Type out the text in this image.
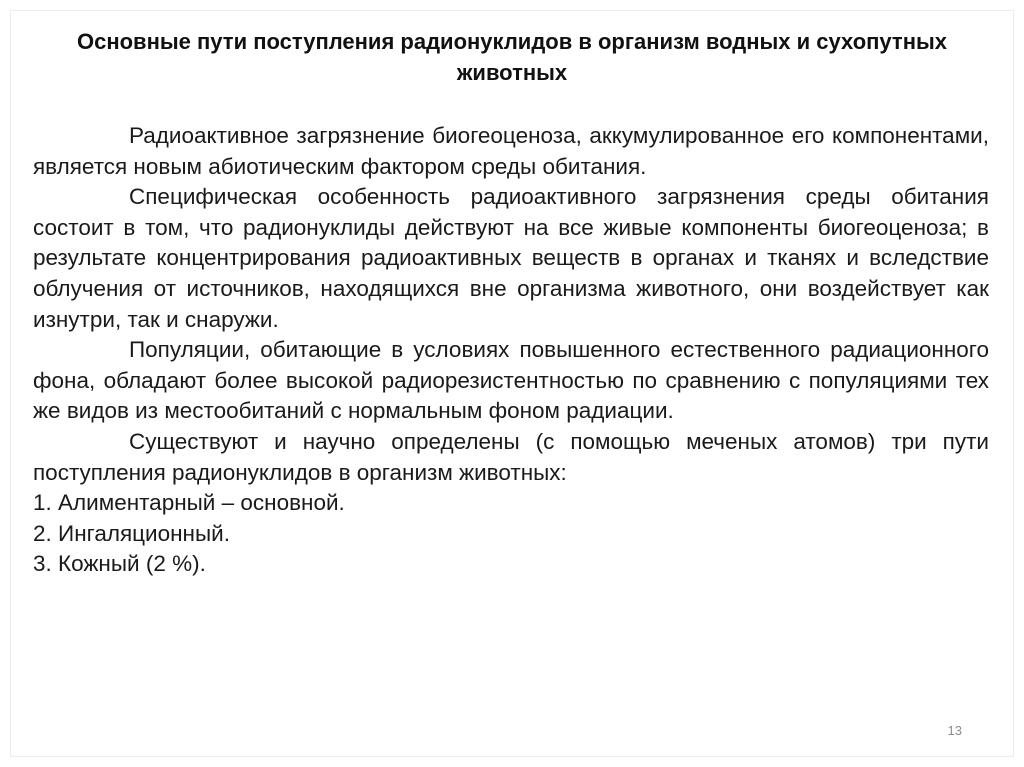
Основные пути поступления радионуклидов в организм водных и сухопутных животных

Радиоактивное загрязнение биогеоценоза, аккумулированное его компонентами, является новым абиотическим фактором среды обитания.

Специфическая особенность радиоактивного загрязнения среды обитания состоит в том, что радионуклиды действуют на все живые компоненты биогеоценоза; в результате концентрирования радиоактивных веществ в органах и тканях и вследствие облучения от источников, находящихся вне организма животного, они воздействует как изнутри, так и снаружи.

Популяции, обитающие в условиях повышенного естественного радиационного фона, обладают более высокой радиорезистентностью по сравнению с популяциями тех же видов из местообитаний с нормальным фоном радиации.

Существуют и научно определены (с помощью меченых атомов) три пути поступления радионуклидов в организм животных:

1. Алиментарный – основной.
2. Ингаляционный.
3. Кожный (2 %).
13
